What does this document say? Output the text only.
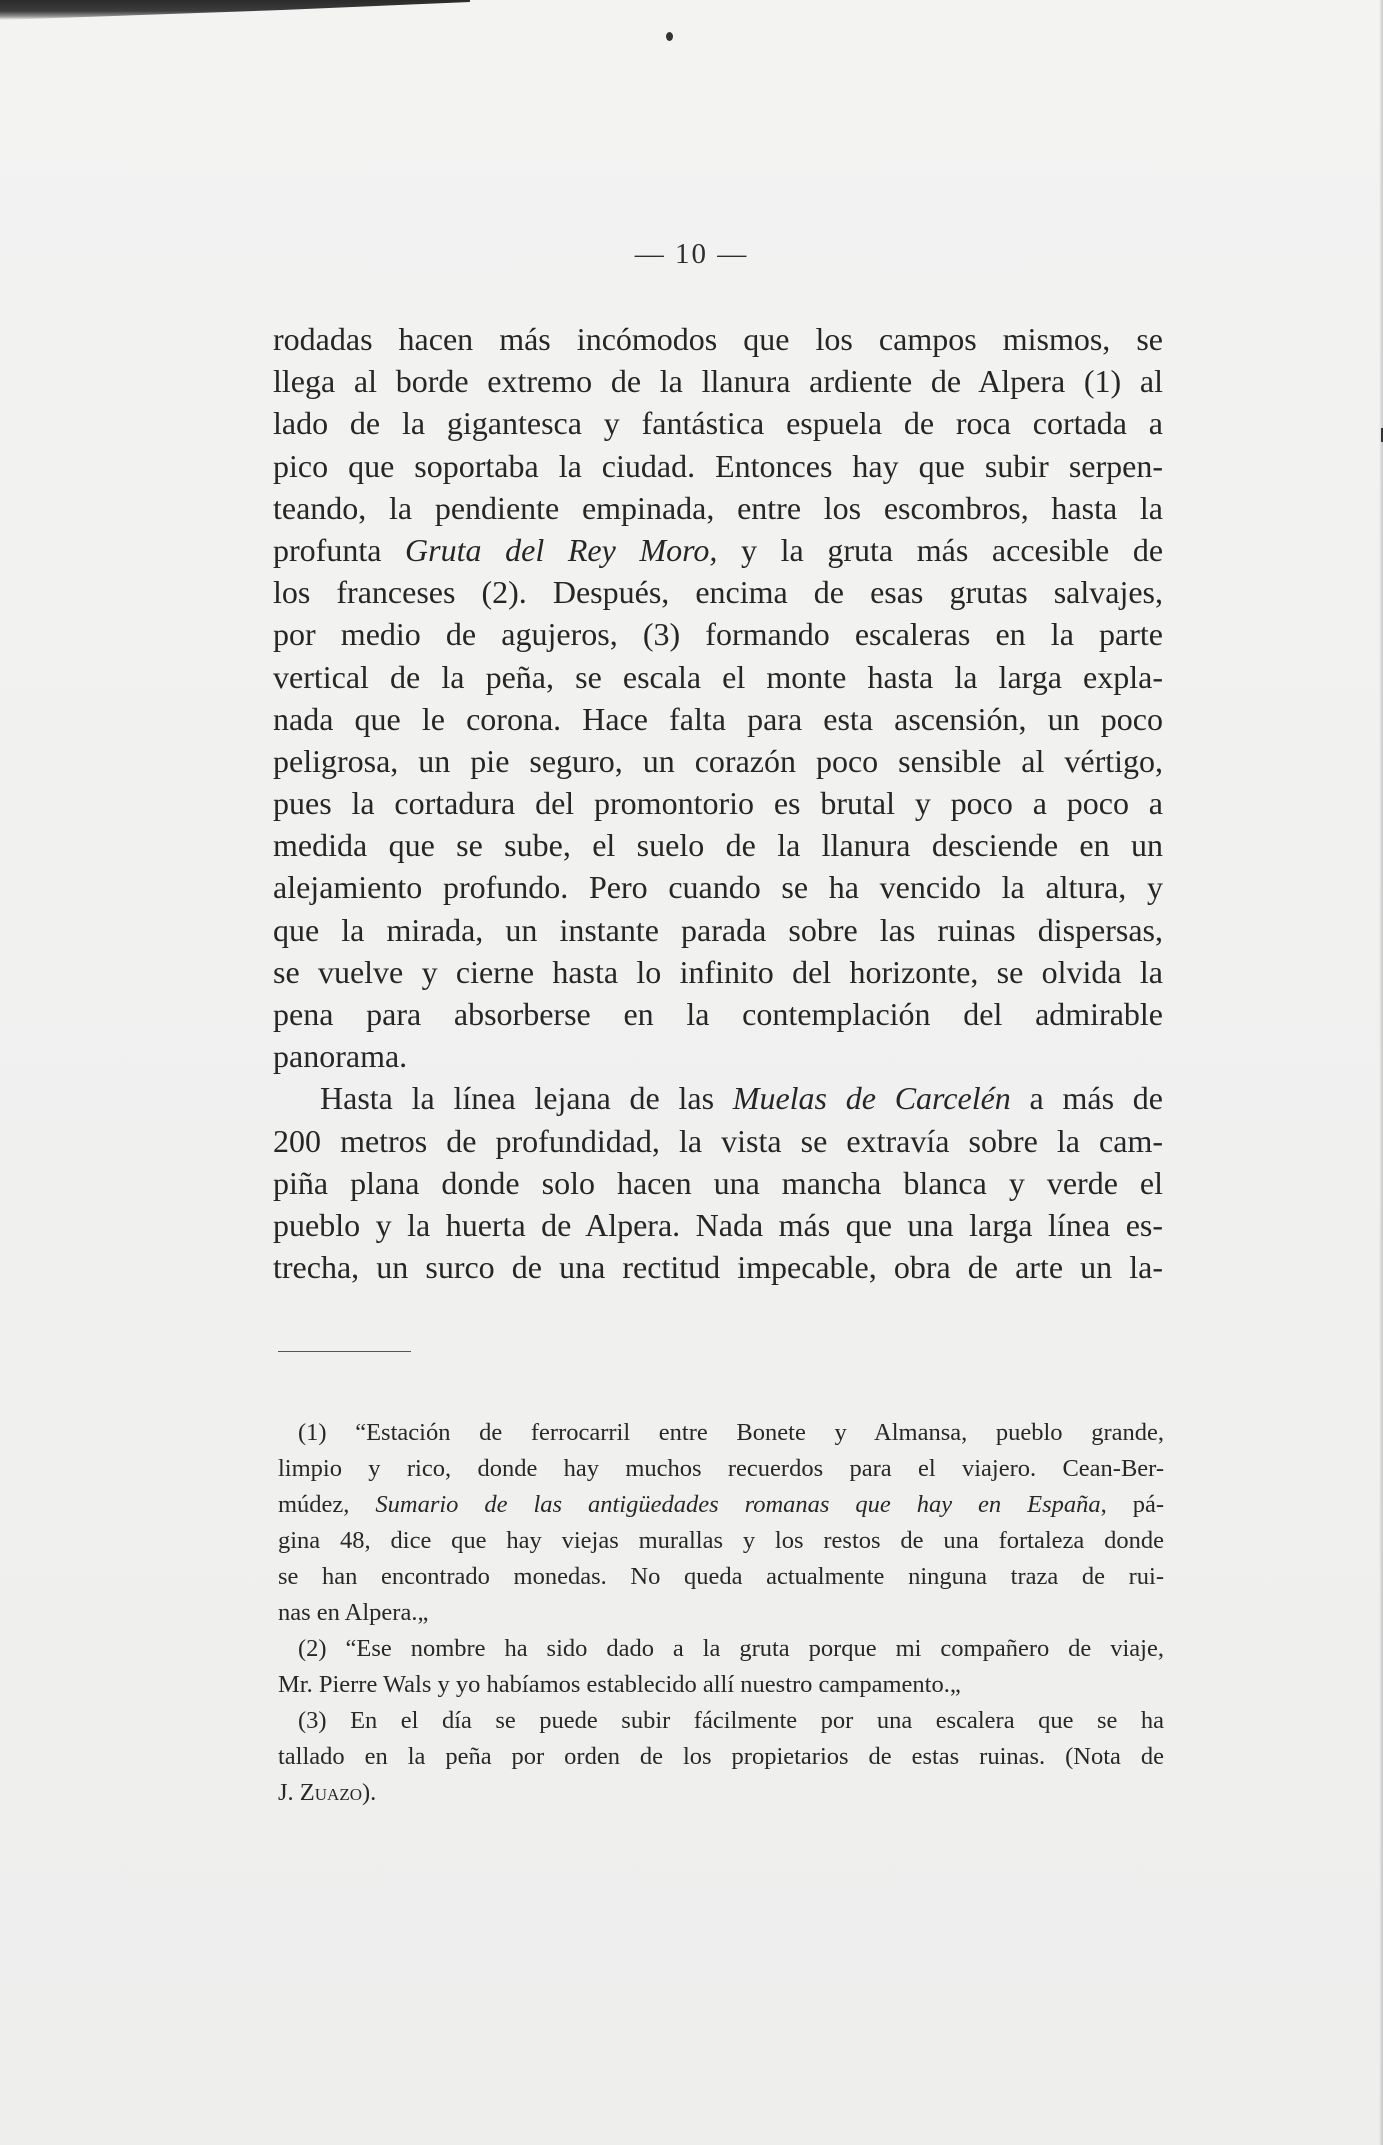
— 10 —
rodadas hacen más incómodos que los campos mismos, se
llega al borde extremo de la llanura ardiente de Alpera (1) al
lado de la gigantesca y fantástica espuela de roca cortada a
pico que soportaba la ciudad. Entonces hay que subir serpen-
teando, la pendiente empinada, entre los escombros, hasta la
profunta Gruta del Rey Moro, y la gruta más accesible de
los franceses (2). Después, encima de esas grutas salvajes,
por medio de agujeros, (3) formando escaleras en la parte
vertical de la peña, se escala el monte hasta la larga expla-
nada que le corona. Hace falta para esta ascensión, un poco
peligrosa, un pie seguro, un corazón poco sensible al vértigo,
pues la cortadura del promontorio es brutal y poco a poco a
medida que se sube, el suelo de la llanura desciende en un
alejamiento profundo. Pero cuando se ha vencido la altura, y
que la mirada, un instante parada sobre las ruinas dispersas,
se vuelve y cierne hasta lo infinito del horizonte, se olvida la
pena para absorberse en la contemplación del admirable
panorama.
Hasta la línea lejana de las Muelas de Carcelén a más de
200 metros de profundidad, la vista se extravía sobre la cam-
piña plana donde solo hacen una mancha blanca y verde el
pueblo y la huerta de Alpera. Nada más que una larga línea es-
trecha, un surco de una rectitud impecable, obra de arte un la-
(1) “Estación de ferrocarril entre Bonete y Almansa, pueblo grande,
limpio y rico, donde hay muchos recuerdos para el viajero. Cean-Ber-
múdez, Sumario de las antigüedades romanas que hay en España, pá-
gina 48, dice que hay viejas murallas y los restos de una fortaleza donde
se han encontrado monedas. No queda actualmente ninguna traza de rui-
nas en Alpera.„
(2) “Ese nombre ha sido dado a la gruta porque mi compañero de viaje,
Mr. Pierre Wals y yo habíamos establecido allí nuestro campamento.„
(3) En el día se puede subir fácilmente por una escalera que se ha
tallado en la peña por orden de los propietarios de estas ruinas. (Nota de
J. Zuazo).
